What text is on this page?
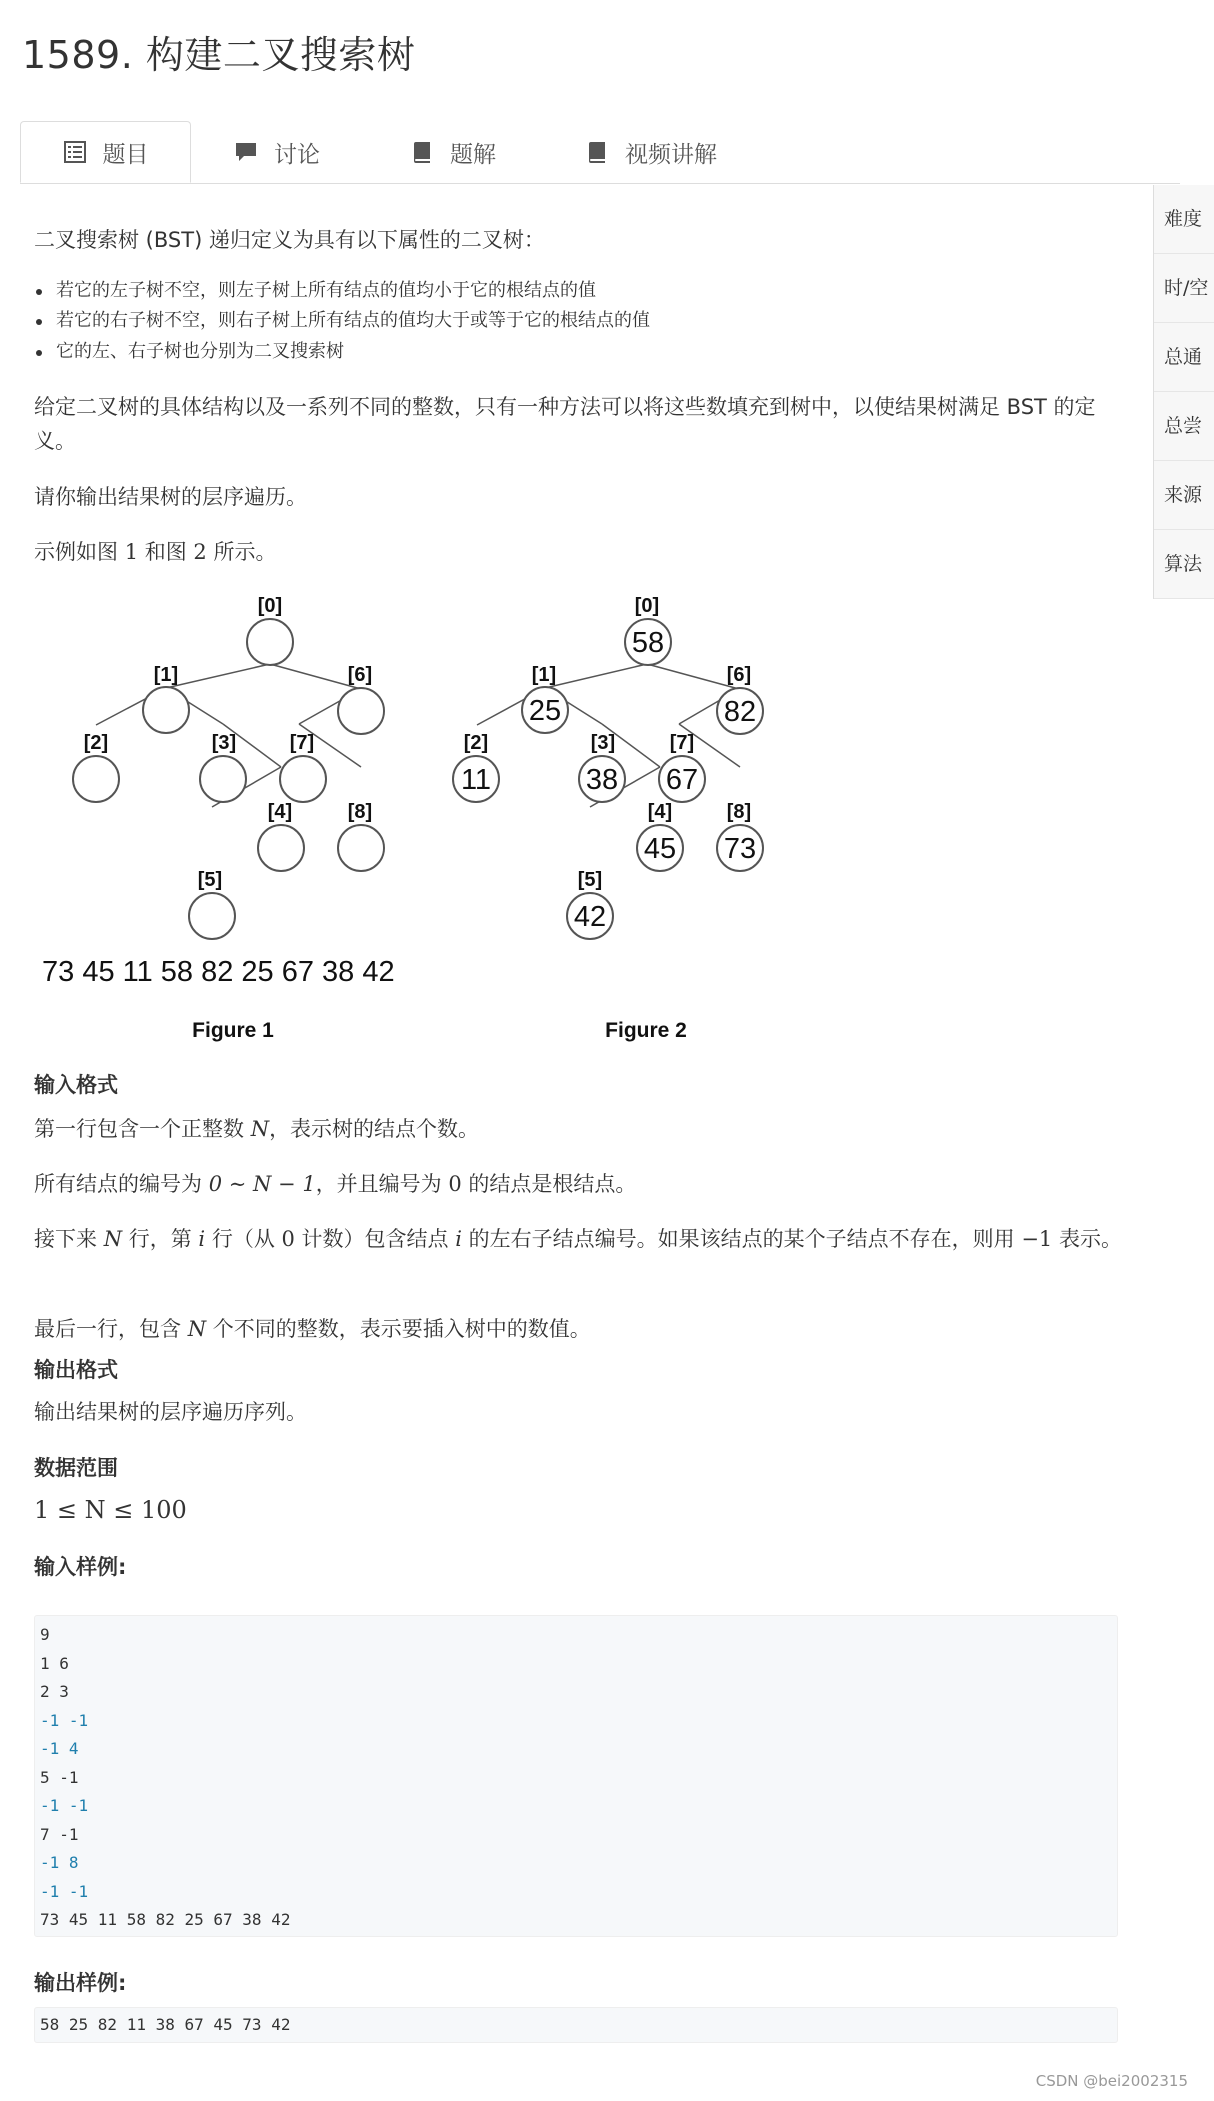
1589. 构建二叉搜索树
题目	讨论	题解	视频讲解
难度
时/空
总通
总尝
来源
算法

二叉搜索树 (BST) 递归定义为具有以下属性的二叉树：

若它的左子树不空，则左子树上所有结点的值均小于它的根结点的值
若它的右子树不空，则右子树上所有结点的值均大于或等于它的根结点的值
它的左、右子树也分别为二叉搜索树

给定二叉树的具体结构以及一系列不同的整数，只有一种方法可以将这些数填充到树中，以使结果树满足 BST 的定义。

请你输出结果树的层序遍历。

示例如图 1 和图 2 所示。

输入格式

第一行包含一个正整数 N，表示树的结点个数。

所有结点的编号为 0 ∼ N − 1，并且编号为 0 的结点是根结点。

接下来 N 行，第 i 行（从 0 计数）包含结点 i 的左右子结点编号。如果该结点的某个子结点不存在，则用 −1 表示。

最后一行，包含 N 个不同的整数，表示要插入树中的数值。

输出格式

输出结果树的层序遍历序列。

数据范围

1 ≤ N ≤ 100

输入样例:
9
1 6
2 3
-1 -1
-1 4
5 -1
-1 -1
7 -1
-1 8
-1 -1
73 45 11 58 82 25 67 38 42
输出样例:
58 25 82 11 38 67 45 73 42
[0]
[1]	[6]
[2]	[3]	[7]
[4]	[8]
[5]
73 45 11 58 82 25 67 38 42
Figure 1
[0]
[1]	[6]
[2]	[3]	[7]
[4]	[8]
[5]
58
25
11	38
45
42
82
67
73
Figure 2
CSDN @bei2002315
